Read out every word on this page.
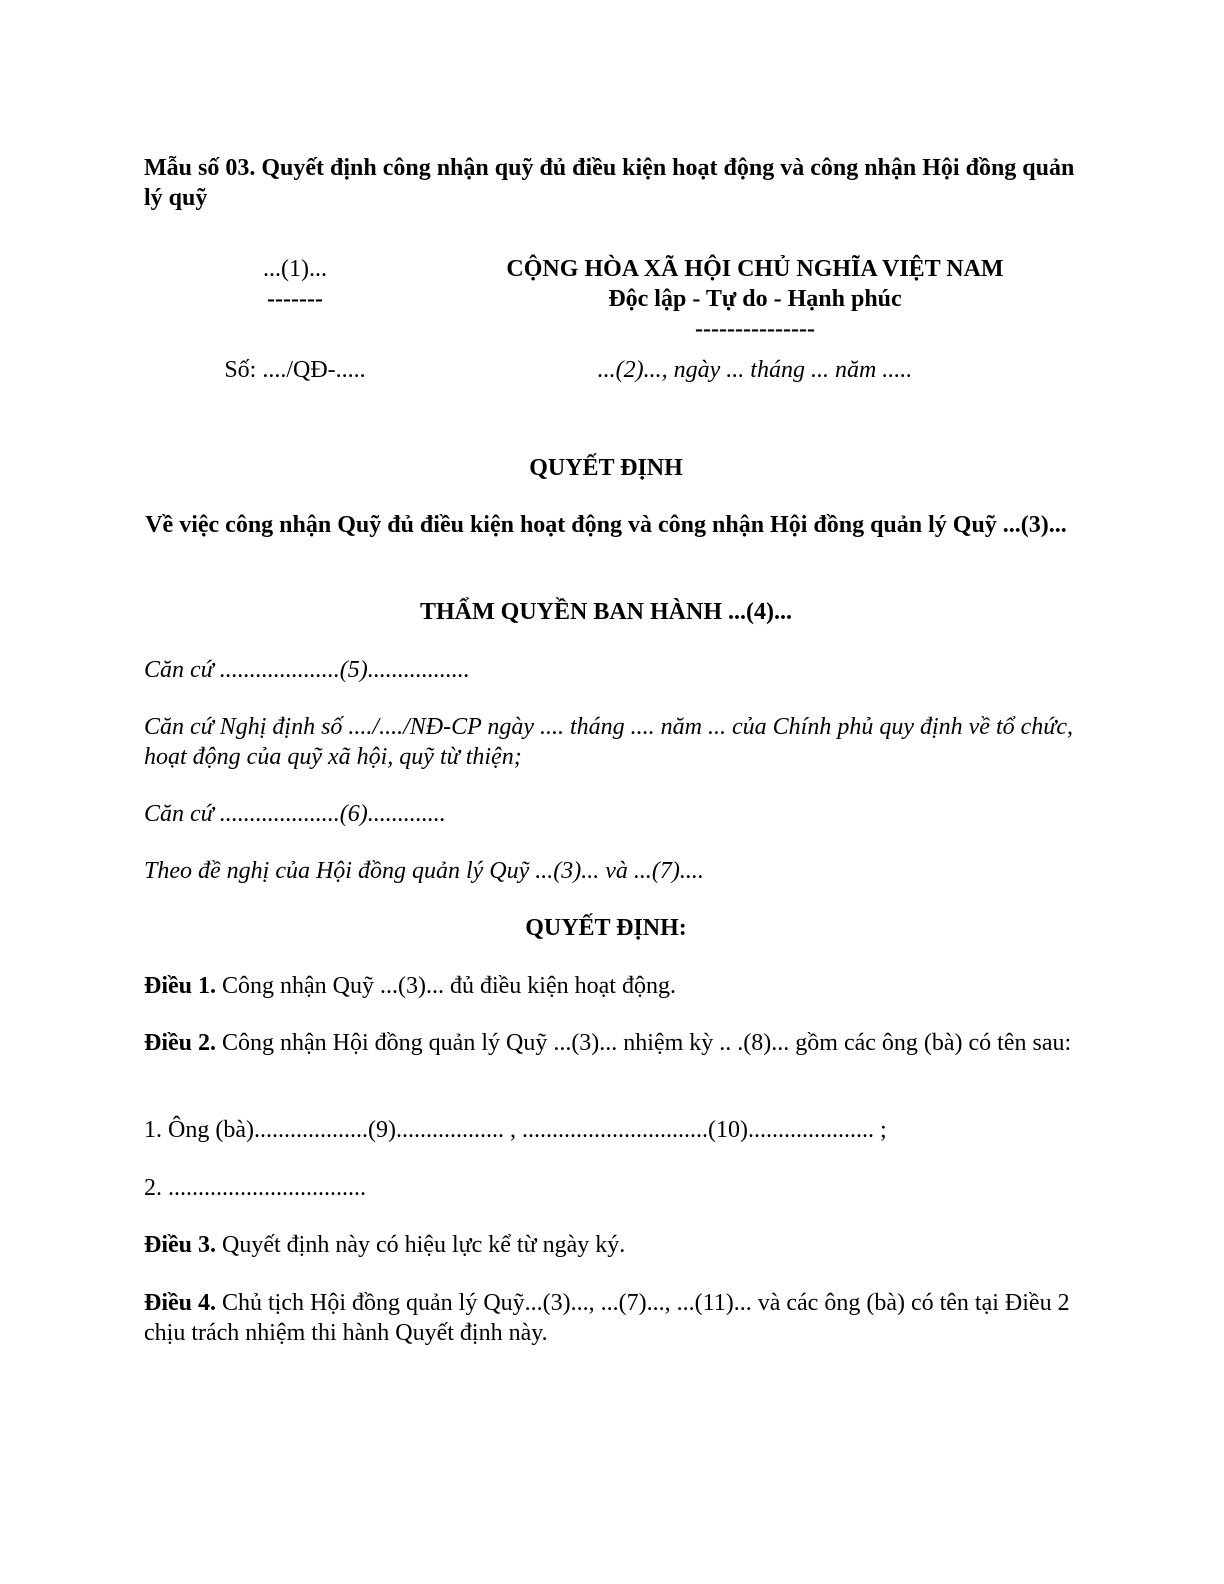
Mẫu số 03. Quyết định công nhận quỹ đủ điều kiện hoạt động và công nhận Hội đồng quản lý quỹ

...(1)...

-------

CỘNG HÒA XÃ HỘI CHỦ NGHĨA VIỆT NAM

Độc lập - Tự do - Hạnh phúc

---------------

Số: ..../QĐ-.....	...(2)..., ngày ... tháng ... năm .....

QUYẾT ĐỊNH

Về việc công nhận Quỹ đủ điều kiện hoạt động và công nhận Hội đồng quản lý Quỹ ...(3)...

THẨM QUYỀN BAN HÀNH ...(4)...

Căn cứ ....................(5).................

Căn cứ Nghị định số ..../..../NĐ-CP ngày .... tháng .... năm ... của Chính phủ quy định về tổ chức, hoạt động của quỹ xã hội, quỹ từ thiện;

Căn cứ ....................(6).............

Theo đề nghị của Hội đồng quản lý Quỹ ...(3)... và ...(7)....

QUYẾT ĐỊNH:

Điều 1. Công nhận Quỹ ...(3)... đủ điều kiện hoạt động.

Điều 2. Công nhận Hội đồng quản lý Quỹ ...(3)... nhiệm kỳ .. .(8)... gồm các ông (bà) có tên sau:

1. Ông (bà)...................(9).................. , ...............................(10)..................... ;

2. .................................

Điều 3. Quyết định này có hiệu lực kể từ ngày ký.

Điều 4. Chủ tịch Hội đồng quản lý Quỹ...(3)..., ...(7)..., ...(11)... và các ông (bà) có tên tại Điều 2 chịu trách nhiệm thi hành Quyết định này.
